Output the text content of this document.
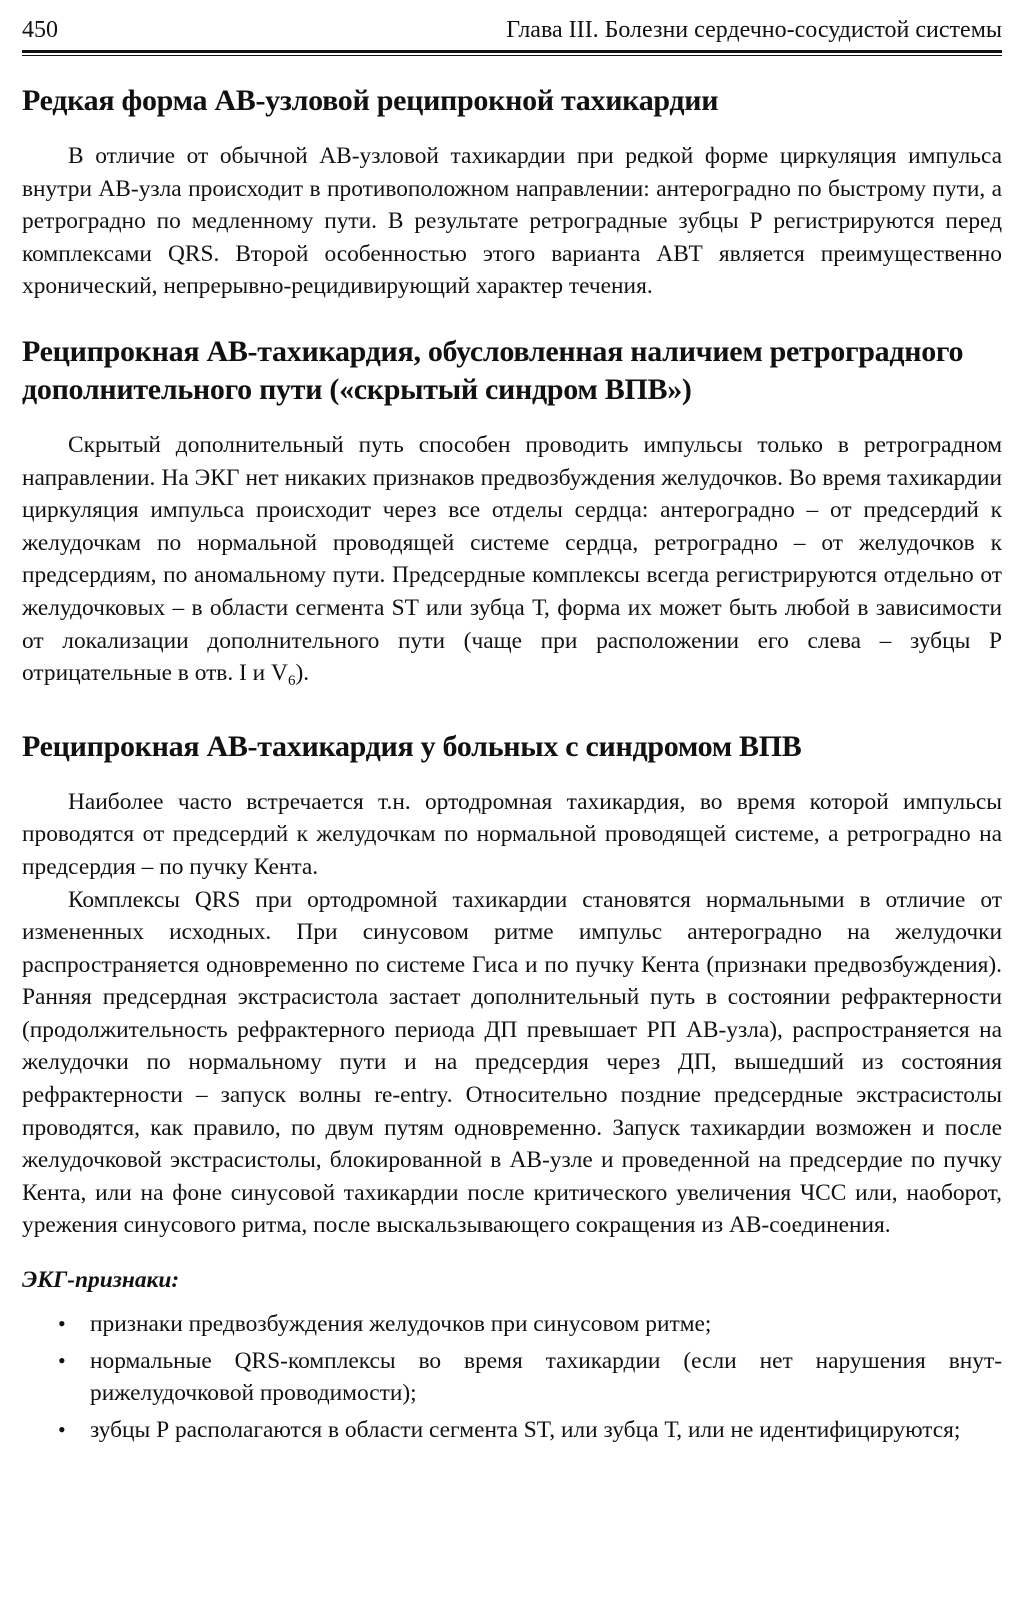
450	Глава III. Болезни сердечно-сосудистой системы
Редкая форма АВ-узловой реципрокной тахикардии

В отличие от обычной АВ-узловой тахикардии при редкой форме циркуляция импульса внутри АВ-узла происходит в противоположном направлении: антероградно по быстрому пути, а ретроградно по медленному пути. В результате ретроградные зубцы Р регистрируются перед комплексами QRS. Второй особенностью этого варианта АВТ является преимущественно хронический, непрерывно-рецидивирующий характер течения.

Реципрокная АВ-тахикардия, обусловленная наличием ретроградного дополнительного пути («скрытый синдром ВПВ»)

Скрытый дополнительный путь способен проводить импульсы только в ретроградном направлении. На ЭКГ нет никаких признаков предвозбуждения желудочков. Во время тахикардии циркуляция импульса происходит через все отделы сердца: антероградно – от предсердий к желудочкам по нормальной проводящей системе сердца, ретроградно – от желудочков к предсердиям, по аномальному пути. Предсердные комплексы всегда регистрируются отдельно от желудочковых – в области сегмента ST или зубца Т, форма их может быть любой в зависимости от локализации дополнительного пути (чаще при расположении его слева – зубцы Р отрицательные в отв. I и $V_6$).

Реципрокная АВ-тахикардия у больных с синдромом ВПВ

Наиболее часто встречается т.н. ортодромная тахикардия, во время которой импульсы проводятся от предсердий к желудочкам по нормальной проводящей системе, а ретроградно на предсердия – по пучку Кента.

Комплексы QRS при ортодромной тахикардии становятся нормальными в отличие от измененных исходных. При синусовом ритме импульс антероградно на желудочки распространяется одновременно по системе Гиса и по пучку Кента (признаки предвозбуждения). Ранняя предсердная экстрасистола застает дополнительный путь в состоянии рефрактерности (продолжительность рефрактерного периода ДП превышает РП АВ-узла), распространяется на желудочки по нормальному пути и на предсердия через ДП, вышедший из состояния рефрактерности – запуск волны re-entry. Относительно поздние предсердные экстрасистолы проводятся, как правило, по двум путям одновременно. Запуск тахикардии возможен и после желудочковой экстрасистолы, блокированной в АВ-узле и проведенной на предсердие по пучку Кента, или на фоне синусовой тахикардии после критического увеличения ЧСС или, наоборот, урежения синусового ритма, после выскальзывающего сокращения из АВ-соединения.

ЭКГ-признаки:
• признаки предвозбуждения желудочков при синусовом ритме;
• нормальные QRS-комплексы во время тахикардии (если нет нарушения внутрижелудочковой проводимости);
• зубцы Р располагаются в области сегмента ST, или зубца Т, или не идентифицируются;
